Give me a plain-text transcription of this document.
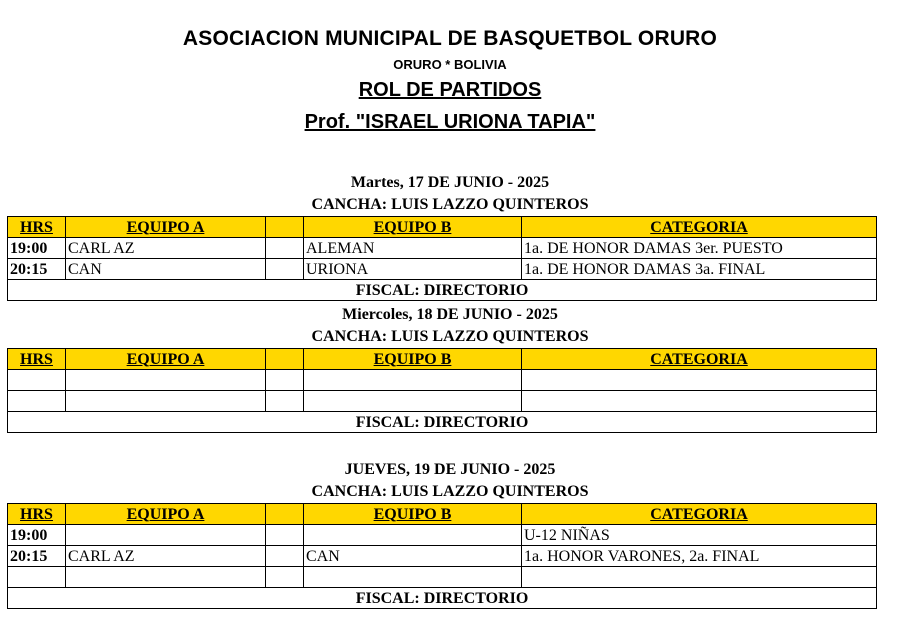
ASOCIACION MUNICIPAL DE BASQUETBOL ORURO
ORURO * BOLIVIA
ROL DE PARTIDOS
Prof. "ISRAEL URIONA TAPIA"
Martes, 17 DE JUNIO - 2025
CANCHA: LUIS LAZZO QUINTEROS
HRS	EQUIPO A		EQUIPO B	CATEGORIA
19:00	CARL AZ		ALEMAN	1a. DE HONOR DAMAS 3er. PUESTO
20:15	CAN		URIONA	1a. DE HONOR DAMAS 3a. FINAL
FISCAL: DIRECTORIO				
Miercoles, 18 DE JUNIO - 2025
CANCHA: LUIS LAZZO QUINTEROS
HRS	EQUIPO A		EQUIPO B	CATEGORIA

FISCAL: DIRECTORIO				
JUEVES, 19 DE JUNIO - 2025
CANCHA: LUIS LAZZO QUINTEROS
HRS	EQUIPO A		EQUIPO B	CATEGORIA
19:00				U-12 NIÑAS
20:15	CARL AZ		CAN	1a. HONOR VARONES, 2a. FINAL

FISCAL: DIRECTORIO				
